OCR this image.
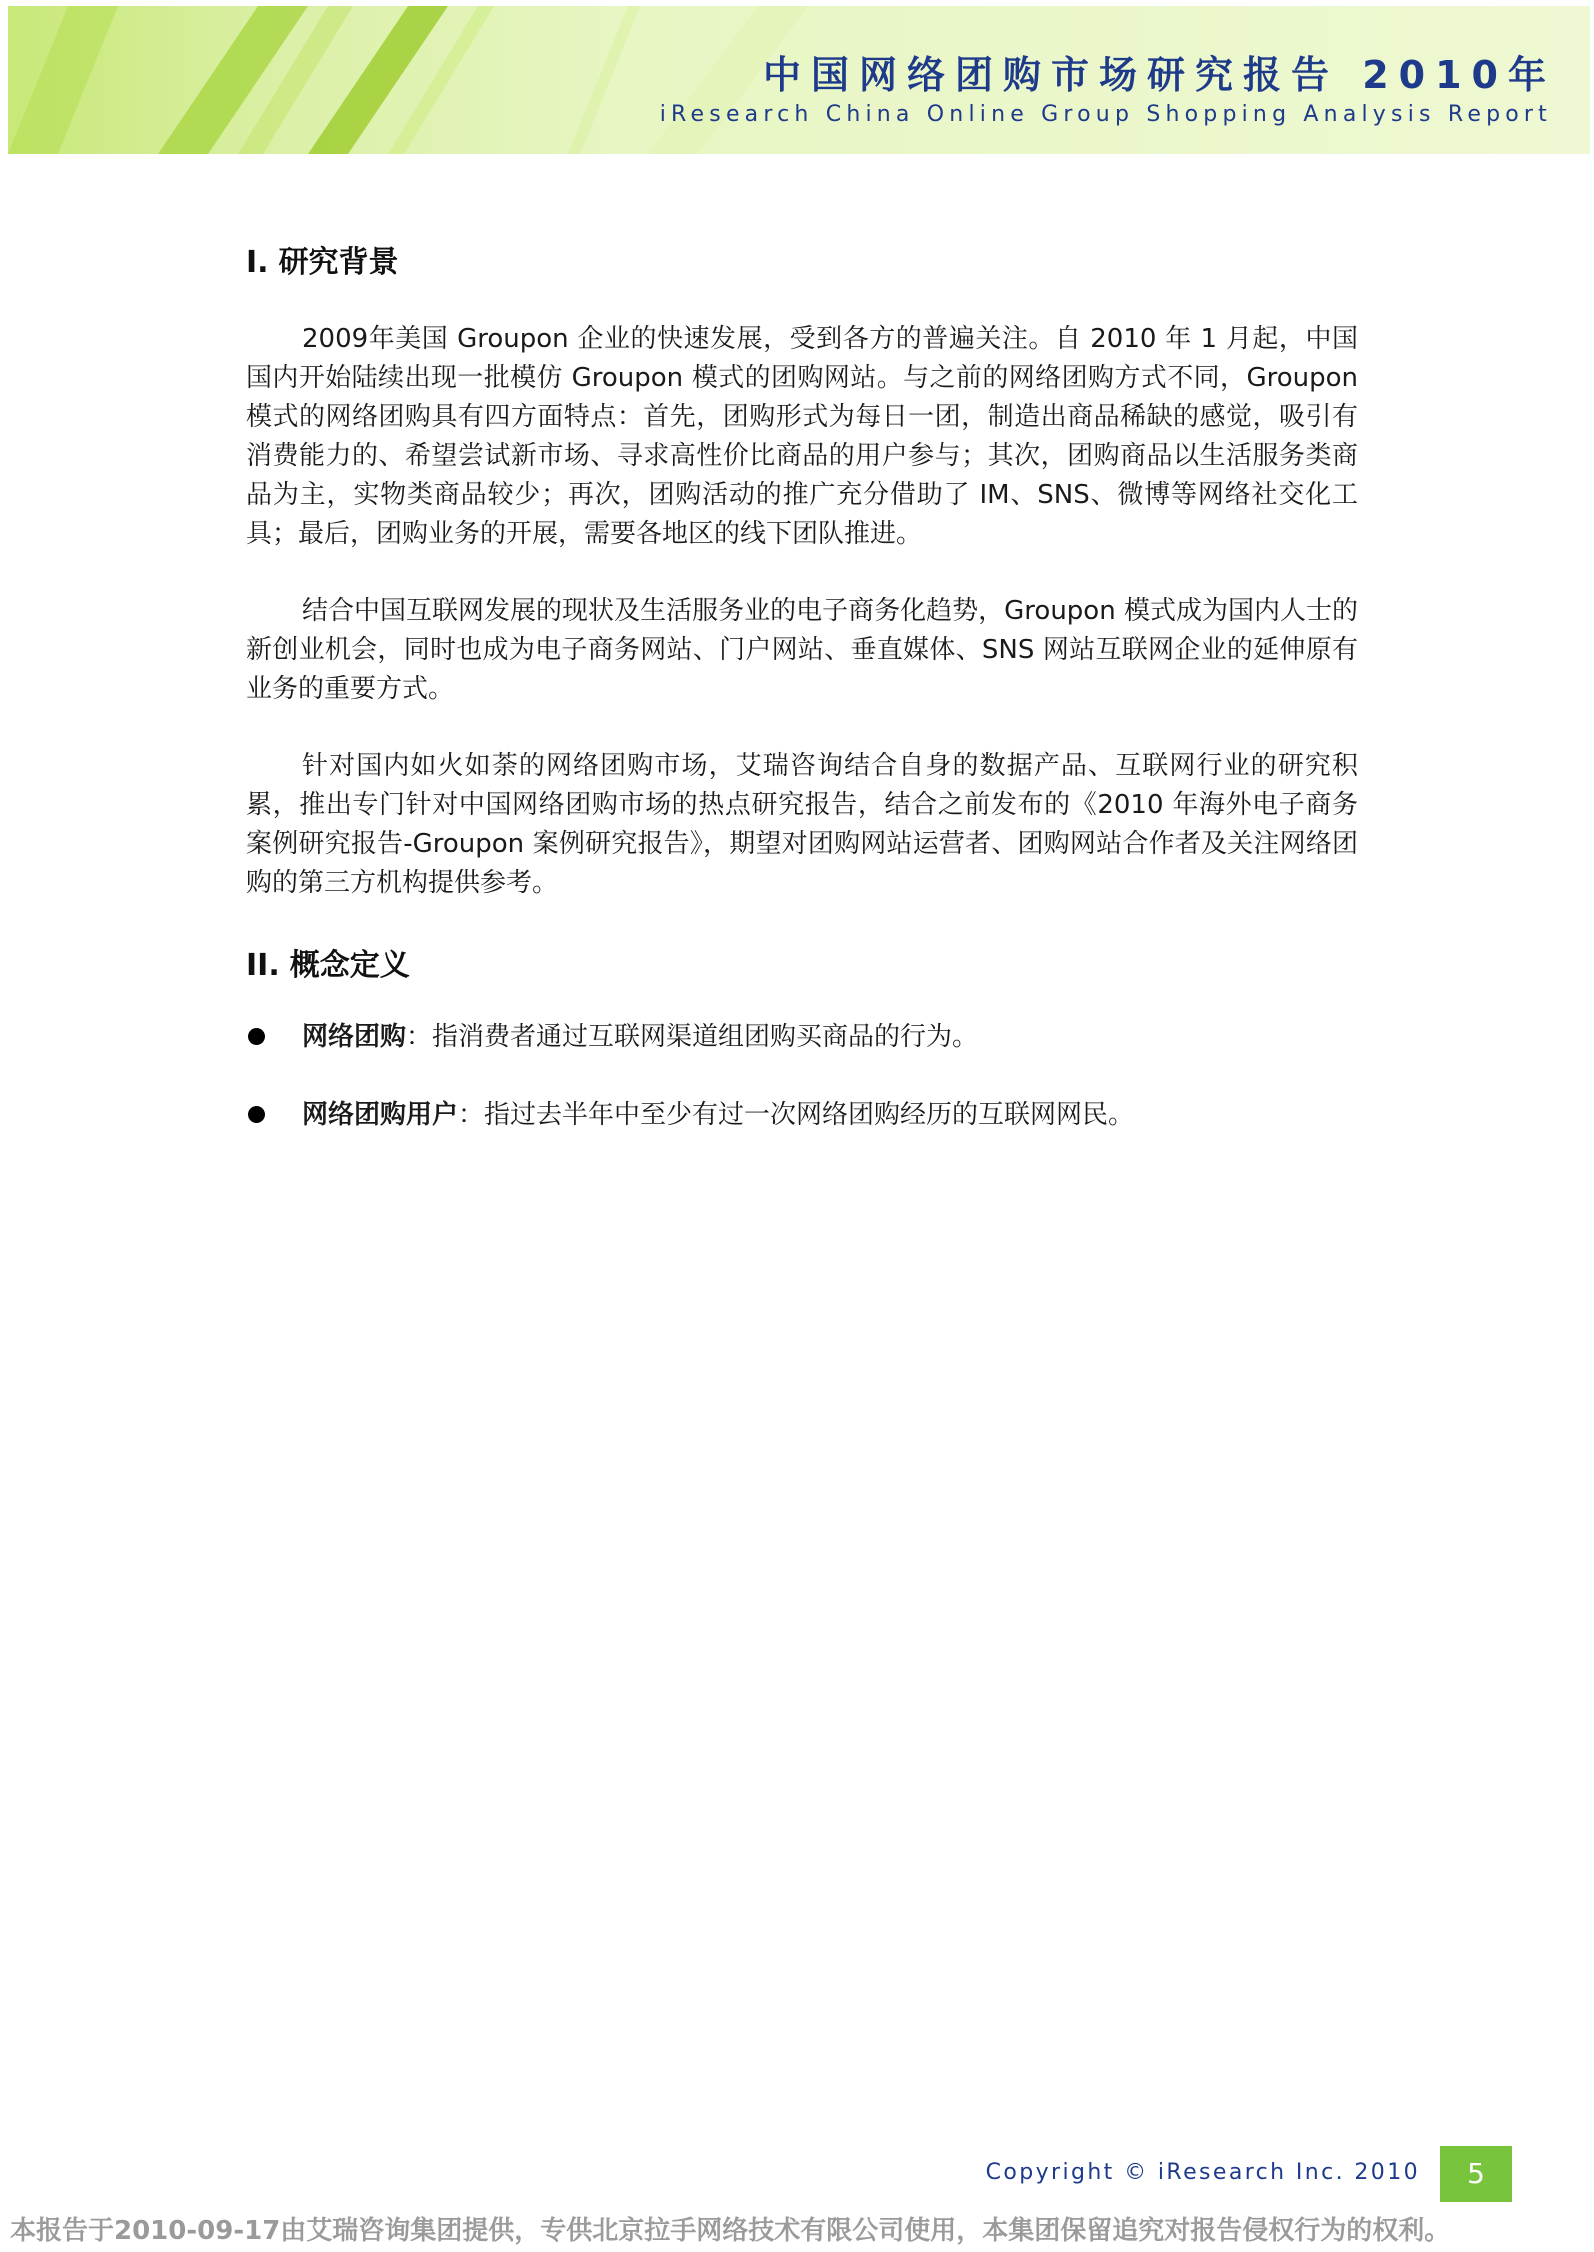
中国网络团购市场研究报告 2010年
iResearch China Online Group Shopping Analysis Report
I. 研究背景

2009年美国 Groupon 企业的快速发展，受到各方的普遍关注。自 2010 年 1 月起，中国国内开始陆续出现一批模仿 Groupon 模式的团购网站。与之前的网络团购方式不同，Groupon 模式的网络团购具有四方面特点：首先，团购形式为每日一团，制造出商品稀缺的感觉，吸引有消费能力的、希望尝试新市场、寻求高性价比商品的用户参与；其次，团购商品以生活服务类商品为主，实物类商品较少；再次，团购活动的推广充分借助了 IM、SNS、微博等网络社交化工具；最后，团购业务的开展，需要各地区的线下团队推进。

结合中国互联网发展的现状及生活服务业的电子商务化趋势，Groupon 模式成为国内人士的新创业机会，同时也成为电子商务网站、门户网站、垂直媒体、SNS 网站互联网企业的延伸原有业务的重要方式。

针对国内如火如荼的网络团购市场，艾瑞咨询结合自身的数据产品、互联网行业的研究积累，推出专门针对中国网络团购市场的热点研究报告，结合之前发布的《2010 年海外电子商务案例研究报告-Groupon 案例研究报告》，期望对团购网站运营者、团购网站合作者及关注网络团购的第三方机构提供参考。

II. 概念定义
网络团购：指消费者通过互联网渠道组团购买商品的行为。
网络团购用户：指过去半年中至少有过一次网络团购经历的互联网网民。
Copyright © iResearch Inc. 2010	5
本报告于2010-09-17由艾瑞咨询集团提供，专供北京拉手网络技术有限公司使用，本集团保留追究对报告侵权行为的权利。
